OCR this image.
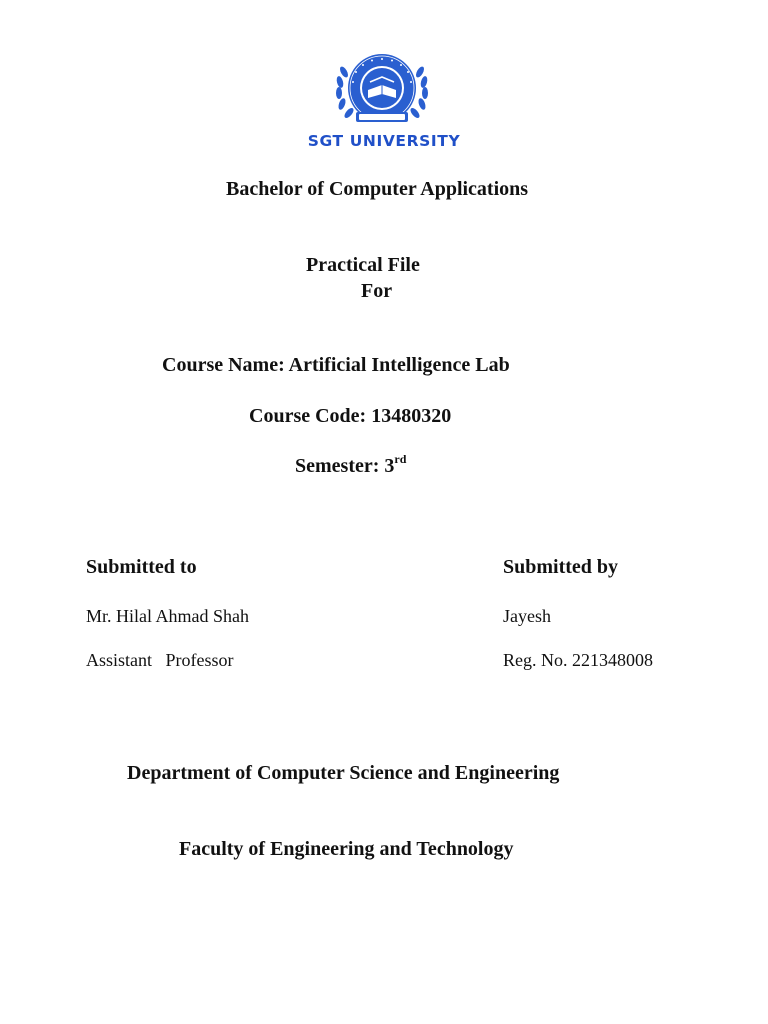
SGT UNIVERSITY
Bachelor of Computer Applications
Practical File
For
Course Name: Artificial Intelligence Lab
Course Code: 13480320
Semester: 3rd
Submitted to	Submitted by
Mr. Hilal Ahmad Shah	Jayesh
Assistant   Professor	Reg. No. 221348008
Department of Computer Science and Engineering
Faculty of Engineering and Technology
